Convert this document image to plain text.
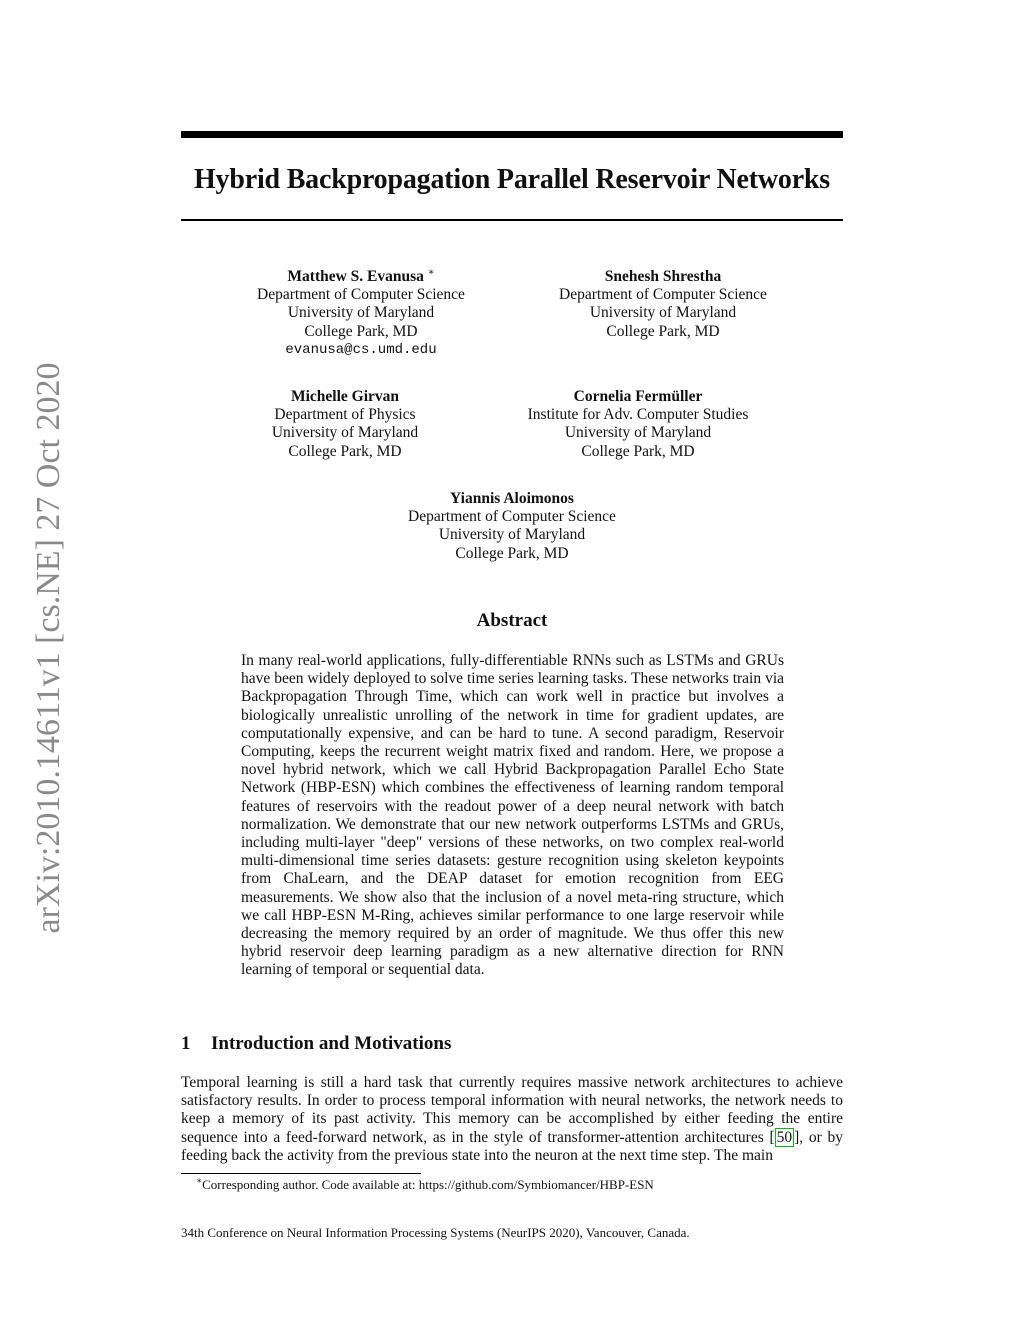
arXiv:2010.14611v1 [cs.NE] 27 Oct 2020
Hybrid Backpropagation Parallel Reservoir Networks
Matthew S. Evanusa ∗
Department of Computer Science
University of Maryland
College Park, MD
evanusa@cs.umd.edu
Snehesh Shrestha
Department of Computer Science
University of Maryland
College Park, MD
Michelle Girvan
Department of Physics
University of Maryland
College Park, MD
Cornelia Fermüller
Institute for Adv. Computer Studies
University of Maryland
College Park, MD
Yiannis Aloimonos
Department of Computer Science
University of Maryland
College Park, MD
Abstract
In many real-world applications, fully-differentiable RNNs such as LSTMs and GRUs have been widely deployed to solve time series learning tasks. These networks train via Backpropagation Through Time, which can work well in practice but involves a biologically unrealistic unrolling of the network in time for gradient updates, are computationally expensive, and can be hard to tune. A second paradigm, Reservoir Computing, keeps the recurrent weight matrix fixed and random. Here, we propose a novel hybrid network, which we call Hybrid Backpropagation Parallel Echo State Network (HBP-ESN) which combines the effectiveness of learning random temporal features of reservoirs with the readout power of a deep neural network with batch normalization. We demonstrate that our new network outperforms LSTMs and GRUs, including multi-layer "deep" versions of these networks, on two complex real-world multi-dimensional time series datasets: gesture recognition using skeleton keypoints from ChaLearn, and the DEAP dataset for emotion recognition from EEG measurements. We show also that the inclusion of a novel meta-ring structure, which we call HBP-ESN M-Ring, achieves similar performance to one large reservoir while decreasing the memory required by an order of magnitude. We thus offer this new hybrid reservoir deep learning paradigm as a new alternative direction for RNN learning of temporal or sequential data.
1 Introduction and Motivations
Temporal learning is still a hard task that currently requires massive network architectures to achieve satisfactory results. In order to process temporal information with neural networks, the network needs to keep a memory of its past activity. This memory can be accomplished by either feeding the entire sequence into a feed-forward network, as in the style of transformer-attention architectures [ 50 ], or by feeding back the activity from the previous state into the neuron at the next time step. The main
∗Corresponding author. Code available at: https://github.com/Symbiomancer/HBP-ESN
34th Conference on Neural Information Processing Systems (NeurIPS 2020), Vancouver, Canada.
